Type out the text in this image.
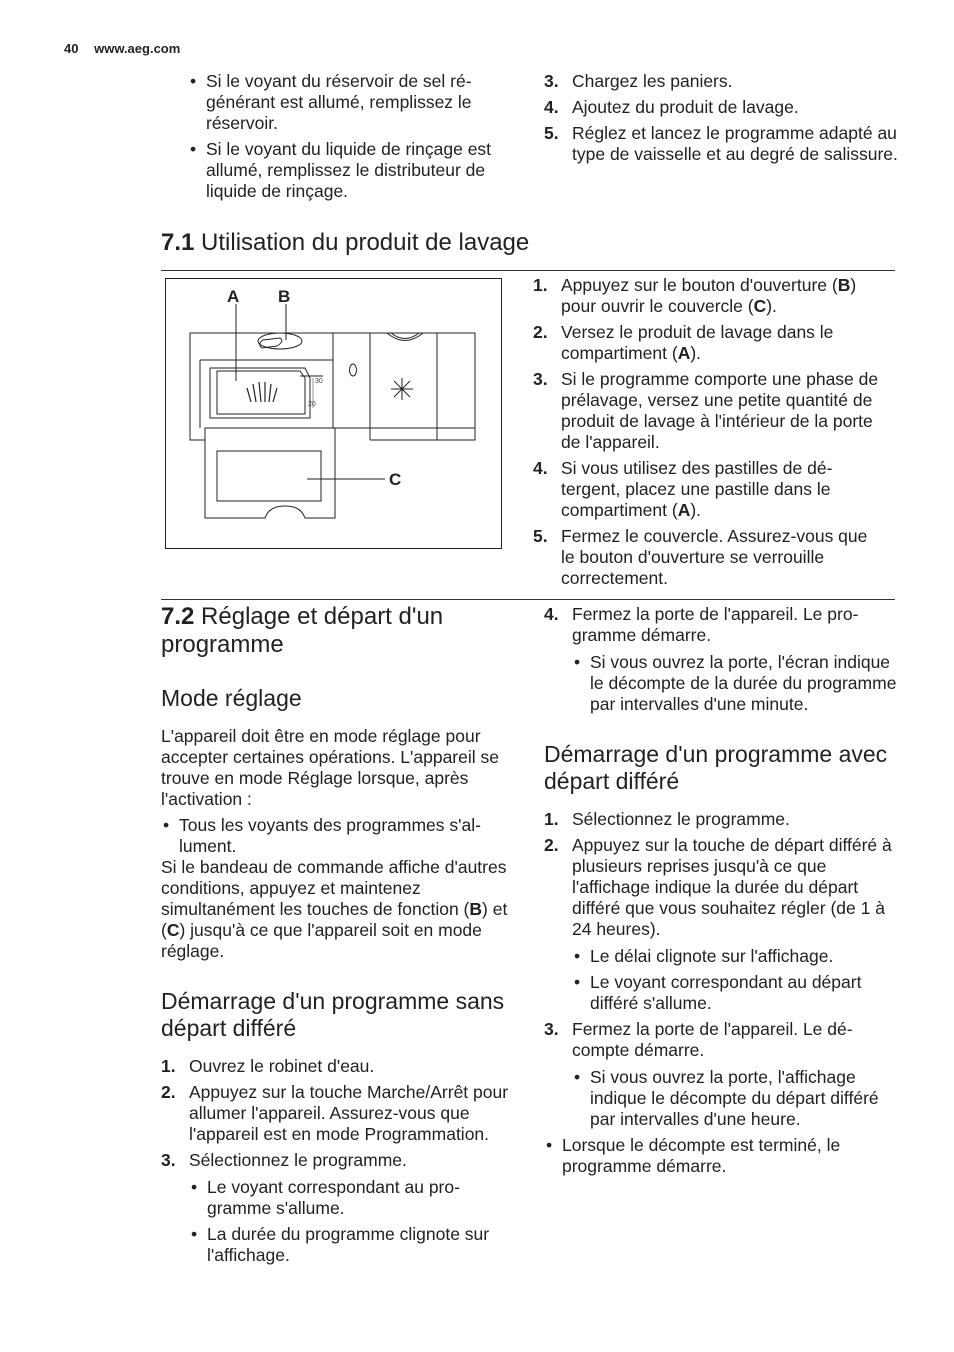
40 www.aeg.com
• Si le voyant du réservoir de sel régénérant est allumé, remplissez le réservoir.
• Si le voyant du liquide de rinçage est allumé, remplissez le distributeur de liquide de rinçage.
3. Chargez les paniers.
4. Ajoutez du produit de lavage.
5. Réglez et lancez le programme adapté au type de vaisselle et au degré de salissure.
7.1 Utilisation du produit de lavage
30
20
A B
C
1. Appuyez sur le bouton d'ouverture (B) pour ouvrir le couvercle (C).
2. Versez le produit de lavage dans le compartiment (A).
3. Si le programme comporte une phase de prélavage, versez une petite quantité de produit de lavage à l'intérieur de la porte de l'appareil.
4. Si vous utilisez des pastilles de détergent, placez une pastille dans le compartiment (A).
5. Fermez le couvercle. Assurez-vous que le bouton d'ouverture se verrouille correctement.
7.2 Réglage et départ d'un programme
Mode réglage

L'appareil doit être en mode réglage pour accepter certaines opérations. L'appareil se trouve en mode Réglage lorsque, après l'activation :

• Tous les voyants des programmes s'allument.

Si le bandeau de commande affiche d'autres conditions, appuyez et maintenez simultanément les touches de fonction (B) et (C) jusqu'à ce que l'appareil soit en mode réglage.

Démarrage d'un programme sans départ différé
1. Ouvrez le robinet d'eau.
2. Appuyez sur la touche Marche/Arrêt pour allumer l'appareil. Assurez-vous que l'appareil est en mode Programmation.
3. Sélectionnez le programme.
• Le voyant correspondant au programme s'allume.
• La durée du programme clignote sur l'affichage.
4. Fermez la porte de l'appareil. Le programme démarre.
• Si vous ouvrez la porte, l'écran indique le décompte de la durée du programme par intervalles d'une minute.
Démarrage d'un programme avec départ différé
1. Sélectionnez le programme.
2. Appuyez sur la touche de départ différé à plusieurs reprises jusqu'à ce que l'affichage indique la durée du départ différé que vous souhaitez régler (de 1 à 24 heures).
• Le délai clignote sur l'affichage.
• Le voyant correspondant au départ différé s'allume.
3. Fermez la porte de l'appareil. Le décompte démarre.
• Si vous ouvrez la porte, l'affichage indique le décompte du départ différé par intervalles d'une heure.
• Lorsque le décompte est terminé, le programme démarre.
